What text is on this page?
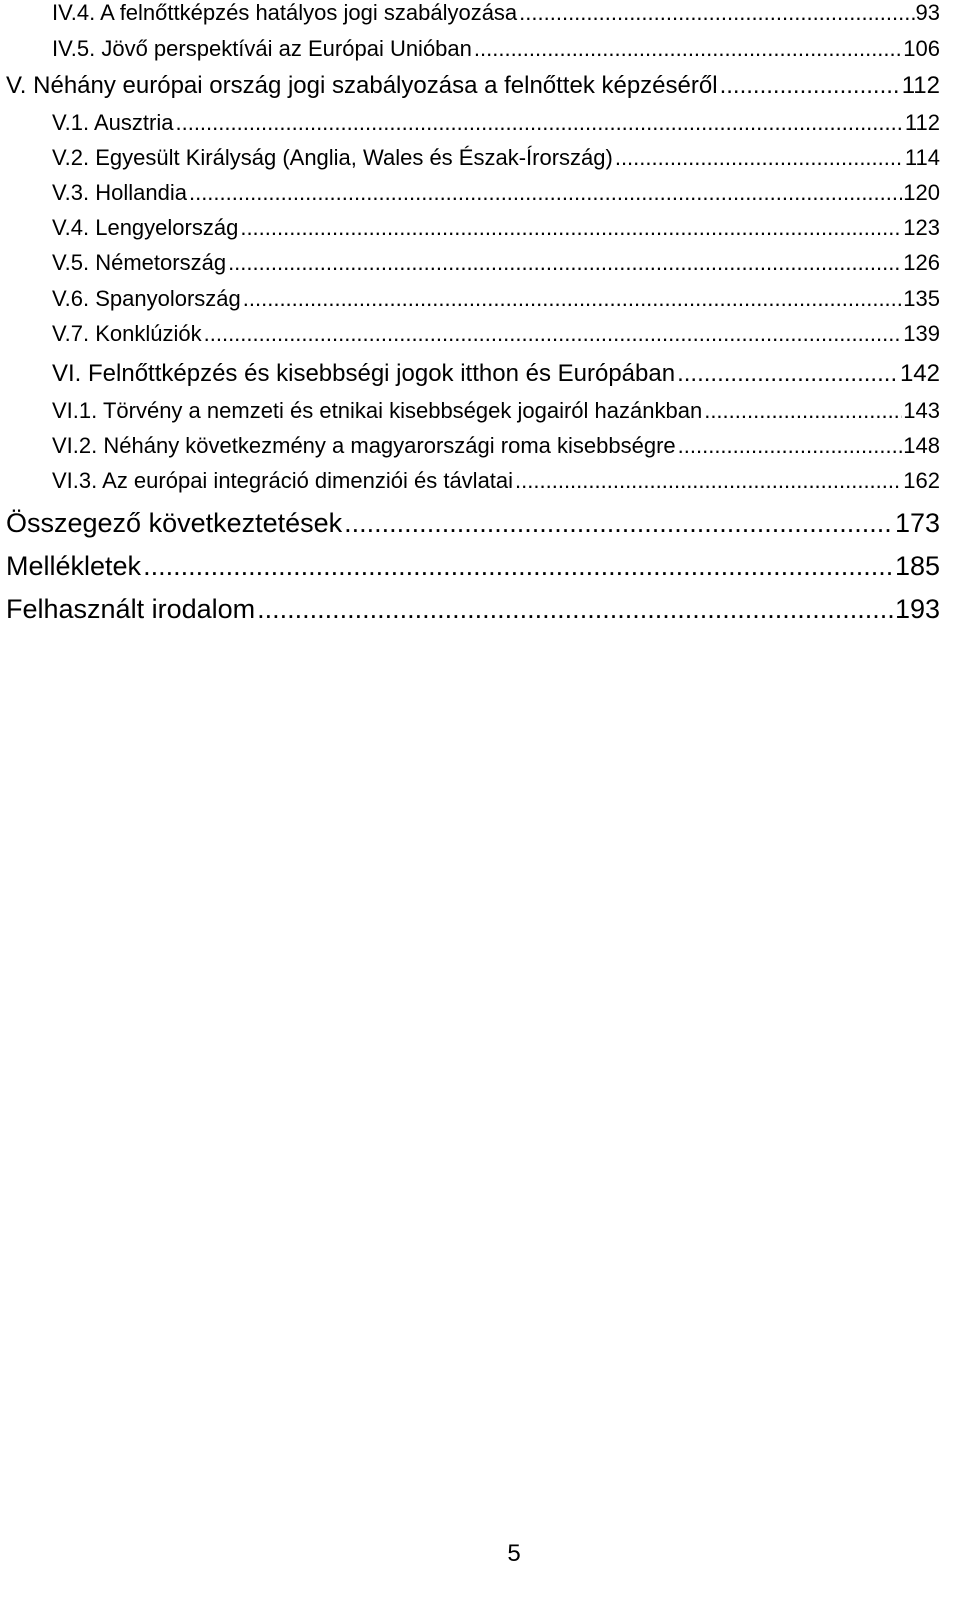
IV.4. A felnőttképzés hatályos jogi szabályozása .....	93
IV.5. Jövő perspektívái az Európai Unióban .....	106
V. Néhány európai ország jogi szabályozása a felnőttek képzéséről .....	112
V.1. Ausztria .....	112
V.2. Egyesült Királyság (Anglia, Wales és Észak-Írország) .....	114
V.3. Hollandia .....	120
V.4. Lengyelország .....	123
V.5. Németország .....	126
V.6. Spanyolország .....	135
V.7. Konklúziók .....	139
VI. Felnőttképzés és kisebbségi jogok itthon és Európában .....	142
VI.1. Törvény a nemzeti és etnikai kisebbségek jogairól hazánkban .....	143
VI.2. Néhány következmény a magyarországi roma kisebbségre .....	148
VI.3. Az európai integráció dimenziói és távlatai .....	162
Összegező következtetések .....	173
Mellékletek .....	185
Felhasznált irodalom .....	193
5
